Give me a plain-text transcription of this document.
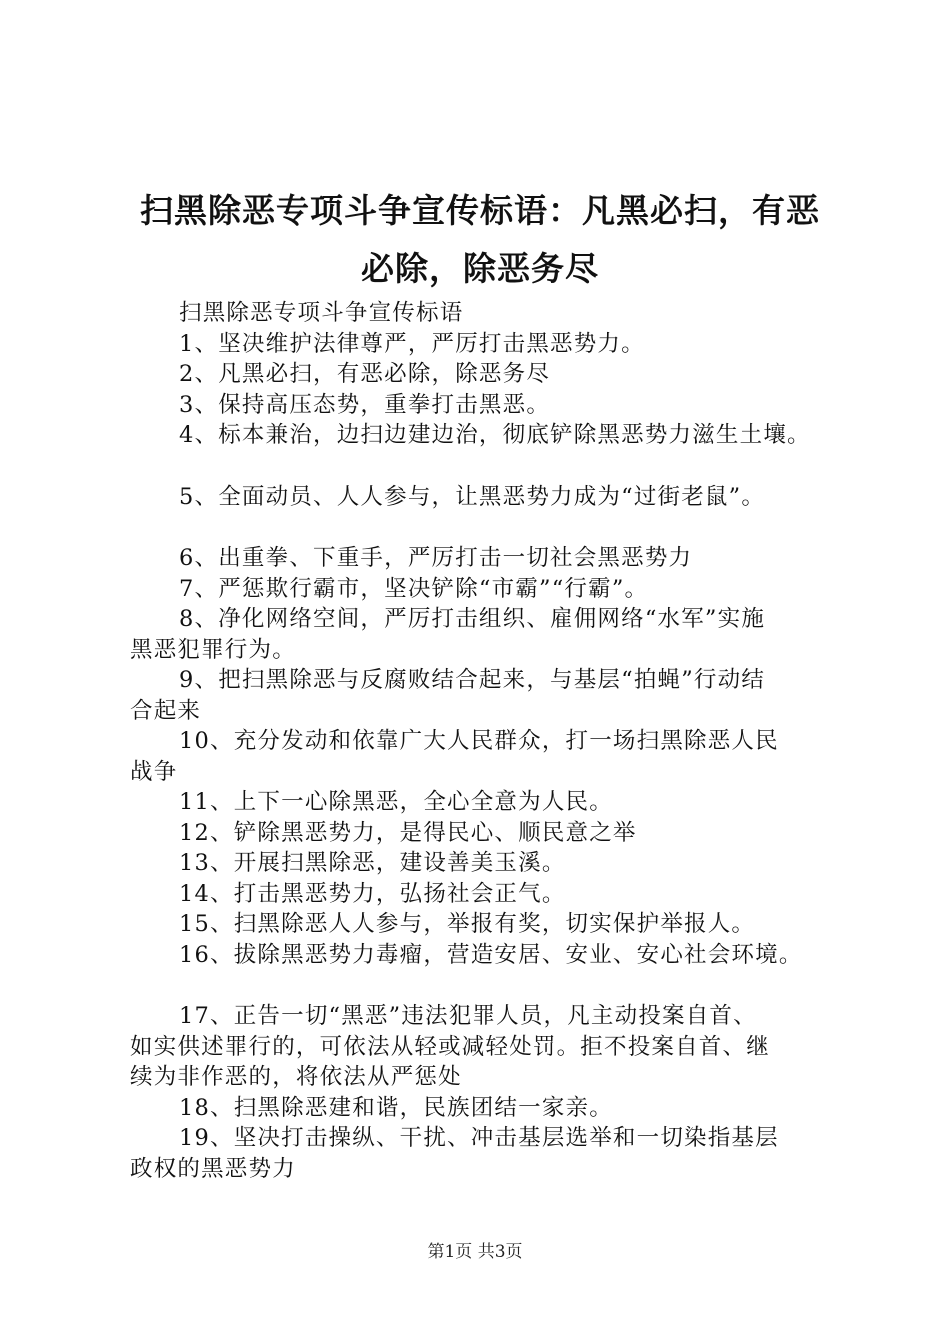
扫黑除恶专项斗争宣传标语：凡黑必扫，有恶
必除，除恶务尽
扫黑除恶专项斗争宣传标语
1、坚决维护法律尊严，严厉打击黑恶势力。
2、凡黑必扫，有恶必除，除恶务尽
3、保持高压态势，重拳打击黑恶。
4、标本兼治，边扫边建边治，彻底铲除黑恶势力滋生土壤。
5、全面动员、人人参与，让黑恶势力成为“过街老鼠”。
6、出重拳、下重手，严厉打击一切社会黑恶势力
7、严惩欺行霸市，坚决铲除“市霸”“行霸”。
8、净化网络空间，严厉打击组织、雇佣网络“水军”实施
黑恶犯罪行为。
9、把扫黑除恶与反腐败结合起来，与基层“拍蝇”行动结
合起来
10、充分发动和依靠广大人民群众，打一场扫黑除恶人民
战争
11、上下一心除黑恶，全心全意为人民。
12、铲除黑恶势力，是得民心、顺民意之举
13、开展扫黑除恶，建设善美玉溪。
14、打击黑恶势力，弘扬社会正气。
15、扫黑除恶人人参与，举报有奖，切实保护举报人。
16、拔除黑恶势力毒瘤，营造安居、安业、安心社会环境。
17、正告一切“黑恶”违法犯罪人员，凡主动投案自首、
如实供述罪行的，可依法从轻或减轻处罚。拒不投案自首、继
续为非作恶的，将依法从严惩处
18、扫黑除恶建和谐，民族团结一家亲。
19、坚决打击操纵、干扰、冲击基层选举和一切染指基层
政权的黑恶势力
第1页 共3页
